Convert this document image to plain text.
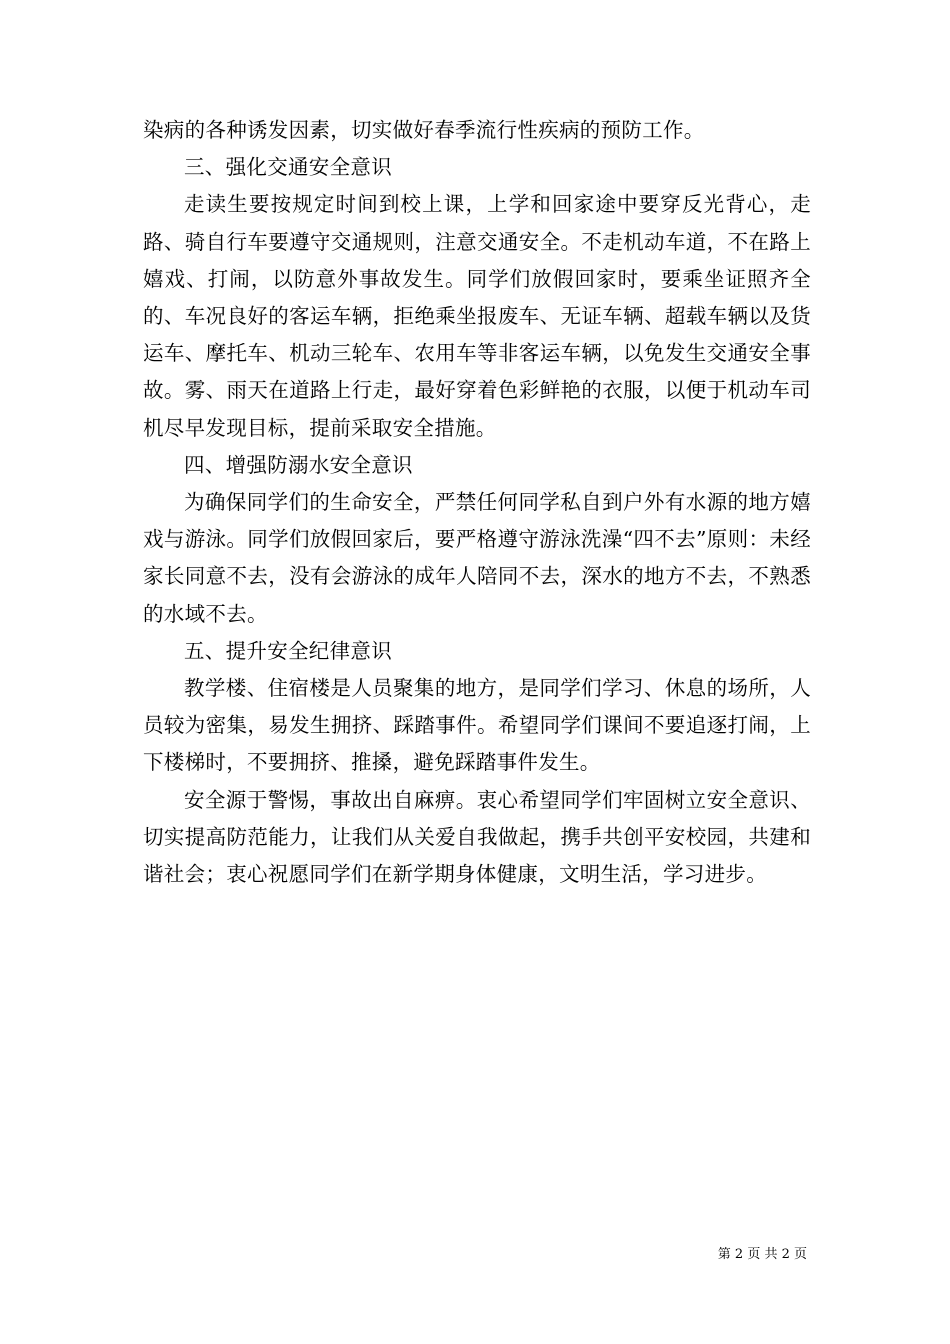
染病的各种诱发因素，切实做好春季流行性疾病的预防工作。

三、强化交通安全意识

走读生要按规定时间到校上课，上学和回家途中要穿反光背心，走路、骑自行车要遵守交通规则，注意交通安全。不走机动车道，不在路上嬉戏、打闹，以防意外事故发生。同学们放假回家时，要乘坐证照齐全的、车况良好的客运车辆，拒绝乘坐报废车、无证车辆、超载车辆以及货运车、摩托车、机动三轮车、农用车等非客运车辆，以免发生交通安全事故。雾、雨天在道路上行走，最好穿着色彩鲜艳的衣服，以便于机动车司机尽早发现目标，提前采取安全措施。

四、增强防溺水安全意识

为确保同学们的生命安全，严禁任何同学私自到户外有水源的地方嬉戏与游泳。同学们放假回家后，要严格遵守游泳洗澡“四不去”原则：未经家长同意不去，没有会游泳的成年人陪同不去，深水的地方不去，不熟悉的水域不去。

五、提升安全纪律意识

教学楼、住宿楼是人员聚集的地方，是同学们学习、休息的场所，人员较为密集，易发生拥挤、踩踏事件。希望同学们课间不要追逐打闹，上下楼梯时，不要拥挤、推搡，避免踩踏事件发生。

安全源于警惕，事故出自麻痹。衷心希望同学们牢固树立安全意识、切实提高防范能力，让我们从关爱自我做起，携手共创平安校园，共建和谐社会；衷心祝愿同学们在新学期身体健康，文明生活，学习进步。

第 2 页 共 2 页
